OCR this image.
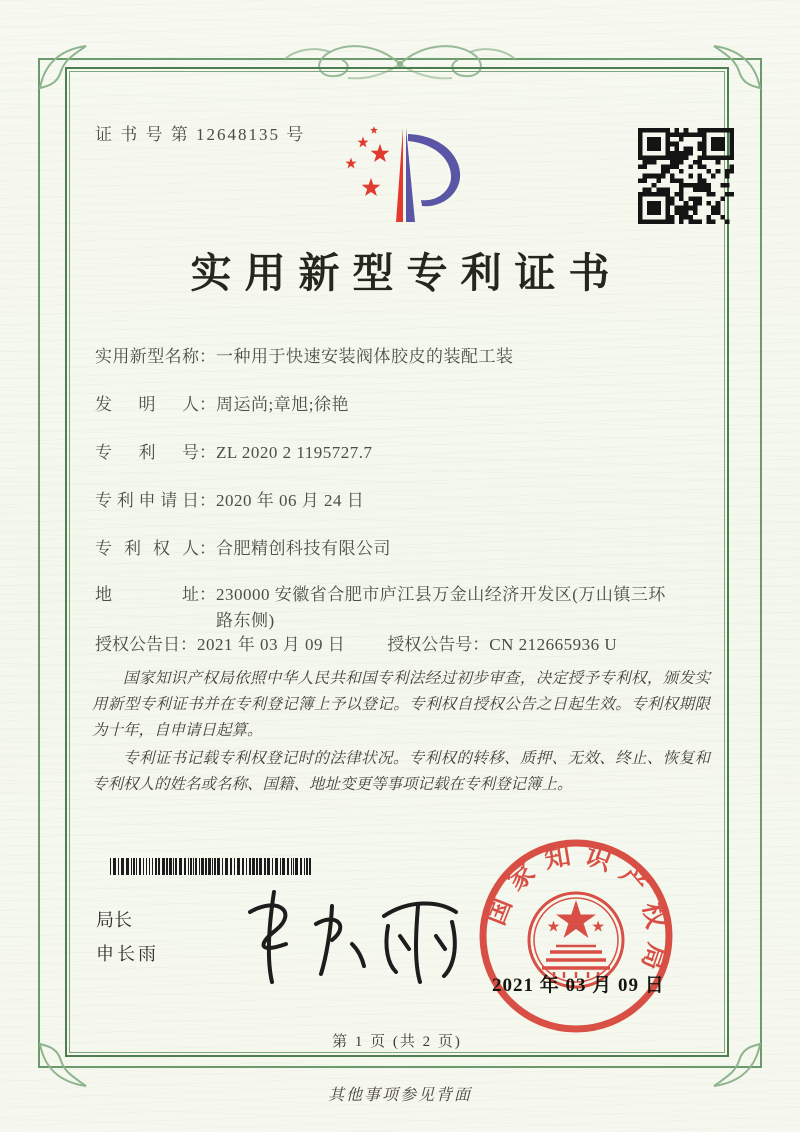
证 书 号 第 12648135 号
实用新型专利证书
实用新型名称：一种用于快速安装阀体胶皮的装配工装
发明人：周运尚;章旭;徐艳
专利号：ZL 2020 2 1195727.7
专利申请日：2020 年 06 月 24 日
专利权人：合肥精创科技有限公司
地址：230000 安徽省合肥市庐江县万金山经济开发区(万山镇三环路东侧)
授权公告日：2021 年 03 月 09 日 授权公告号：CN 212665936 U

国家知识产权局依照中华人民共和国专利法经过初步审查，决定授予专利权，颁发实用新型专利证书并在专利登记簿上予以登记。专利权自授权公告之日起生效。专利权期限为十年，自申请日起算。

专利证书记载专利权登记时的法律状况。专利权的转移、质押、无效、终止、恢复和专利权人的姓名或名称、国籍、地址变更等事项记载在专利登记簿上。

局长
申长雨
国家知识产权局
2021 年 03 月 09 日
第 1 页 (共 2 页)
其他事项参见背面
